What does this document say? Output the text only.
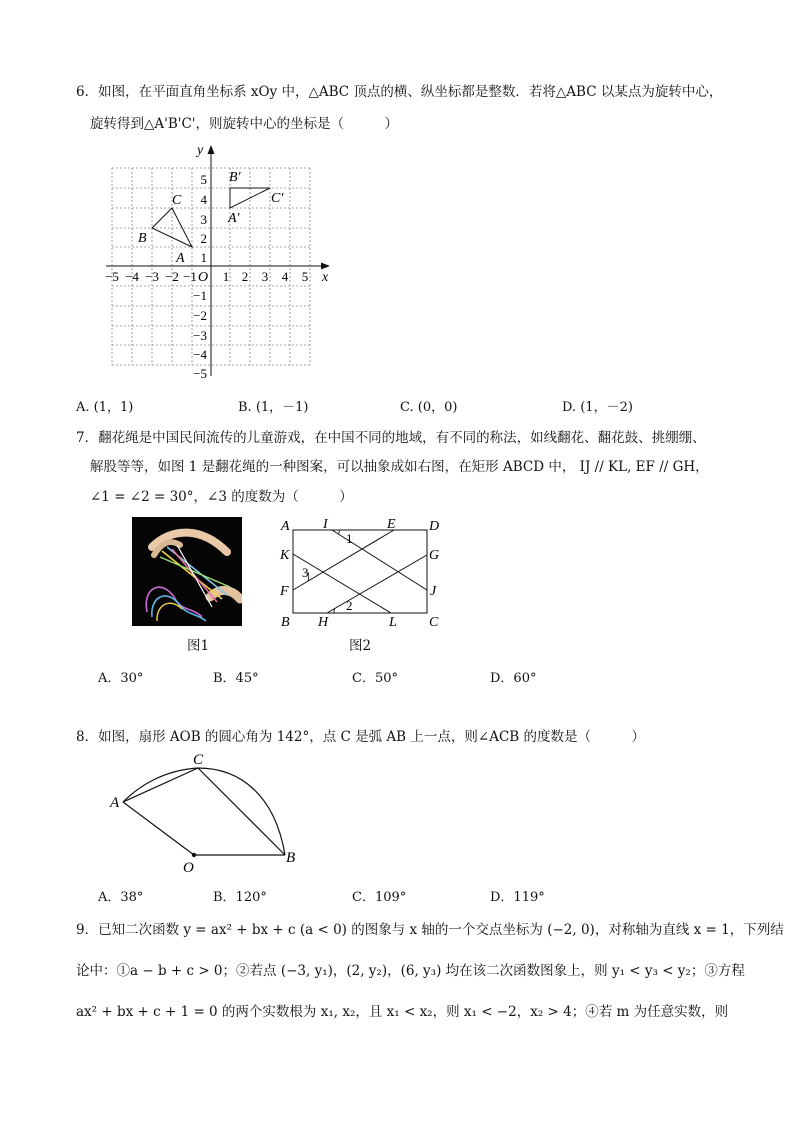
6．如图，在平面直角坐标系 xOy 中，△ABC 顶点的横、纵坐标都是整数．若将△ABC 以某点为旋转中心，
旋转得到△A'B'C'，则旋转中心的坐标是（　　　）
y
x
O
−5 −4 −3 −2 −1 1 2 3 4 5
5
4
3
2
1
−1
−2
−3
−4
−5
A
B
C
A′
B′
C′
A. (1，1)	B. (1，－1)	C. (0，0)	D. (1，－2)
7．翻花绳是中国民间流传的儿童游戏，在中国不同的地域，有不同的称法，如线翻花、翻花鼓、挑绷绷、
解股等等，如图 1 是翻花绳的一种图案，可以抽象成如右图，在矩形 ABCD 中， IJ // KL, EF // GH，
∠1 = ∠2 = 30°，∠3 的度数为（　　　）
图1
A I	E D
K	G
F	J
B H	L C
1
2
3
图2
A．30°	B．45°	C．50°	D．60°
8．如图，扇形 AOB 的圆心角为 142°，点 C 是弧 AB 上一点，则∠ACB 的度数是（　　　）
A
C
O
B
A．38°	B．120°	C．109°	D．119°
9．已知二次函数 y = ax² + bx + c (a < 0) 的图象与 x 轴的一个交点坐标为 (−2, 0)，对称轴为直线 x = 1，下列结
论中：①a − b + c > 0；②若点 (−3, y₁)，(2, y₂)，(6, y₃) 均在该二次函数图象上，则 y₁ < y₃ < y₂；③方程
ax² + bx + c + 1 = 0 的两个实数根为 x₁, x₂，且 x₁ < x₂，则 x₁ < −2，x₂ > 4；④若 m 为任意实数，则
